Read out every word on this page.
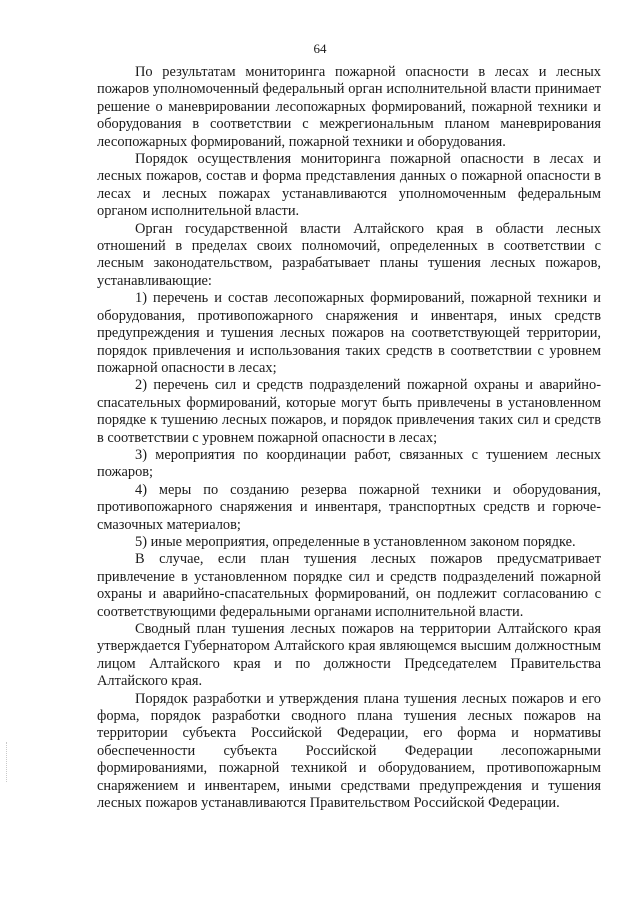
64

По результатам мониторинга пожарной опасности в лесах и лесных пожаров уполномоченный федеральный орган исполнительной власти принимает решение о маневрировании лесопожарных формирований, пожарной техники и оборудования в соответствии с межрегиональным планом маневрирования лесопожарных формирований, пожарной техники и оборудования.

Порядок осуществления мониторинга пожарной опасности в лесах и лесных пожаров, состав и форма представления данных о пожарной опасности в лесах и лесных пожарах устанавливаются уполномоченным федеральным органом исполнительной власти.

Орган государственной власти Алтайского края в области лесных отношений в пределах своих полномочий, определенных в соответствии с лесным законодательством, разрабатывает планы тушения лесных пожаров, устанавливающие:

1) перечень и состав лесопожарных формирований, пожарной техники и оборудования, противопожарного снаряжения и инвентаря, иных средств предупреждения и тушения лесных пожаров на соответствующей территории, порядок привлечения и использования таких средств в соответствии с уровнем пожарной опасности в лесах;

2) перечень сил и средств подразделений пожарной охраны и аварийно-спасательных формирований, которые могут быть привлечены в установленном порядке к тушению лесных пожаров, и порядок привлечения таких сил и средств в соответствии с уровнем пожарной опасности в лесах;

3) мероприятия по координации работ, связанных с тушением лесных пожаров;

4) меры по созданию резерва пожарной техники и оборудования, противопожарного снаряжения и инвентаря, транспортных средств и горюче-смазочных материалов;

5) иные мероприятия, определенные в установленном законом порядке.

В случае, если план тушения лесных пожаров предусматривает привлечение в установленном порядке сил и средств подразделений пожарной охраны и аварийно-спасательных формирований, он подлежит согласованию с соответствующими федеральными органами исполнительной власти.

Сводный план тушения лесных пожаров на территории Алтайского края утверждается Губернатором Алтайского края являющемся высшим должностным лицом Алтайского края и по должности Председателем Правительства Алтайского края.

Порядок разработки и утверждения плана тушения лесных пожаров и его форма, порядок разработки сводного плана тушения лесных пожаров на территории субъекта Российской Федерации, его форма и нормативы обеспеченности субъекта Российской Федерации лесопожарными формированиями, пожарной техникой и оборудованием, противопожарным снаряжением и инвентарем, иными средствами предупреждения и тушения лесных пожаров устанавливаются Правительством Российской Федерации.
